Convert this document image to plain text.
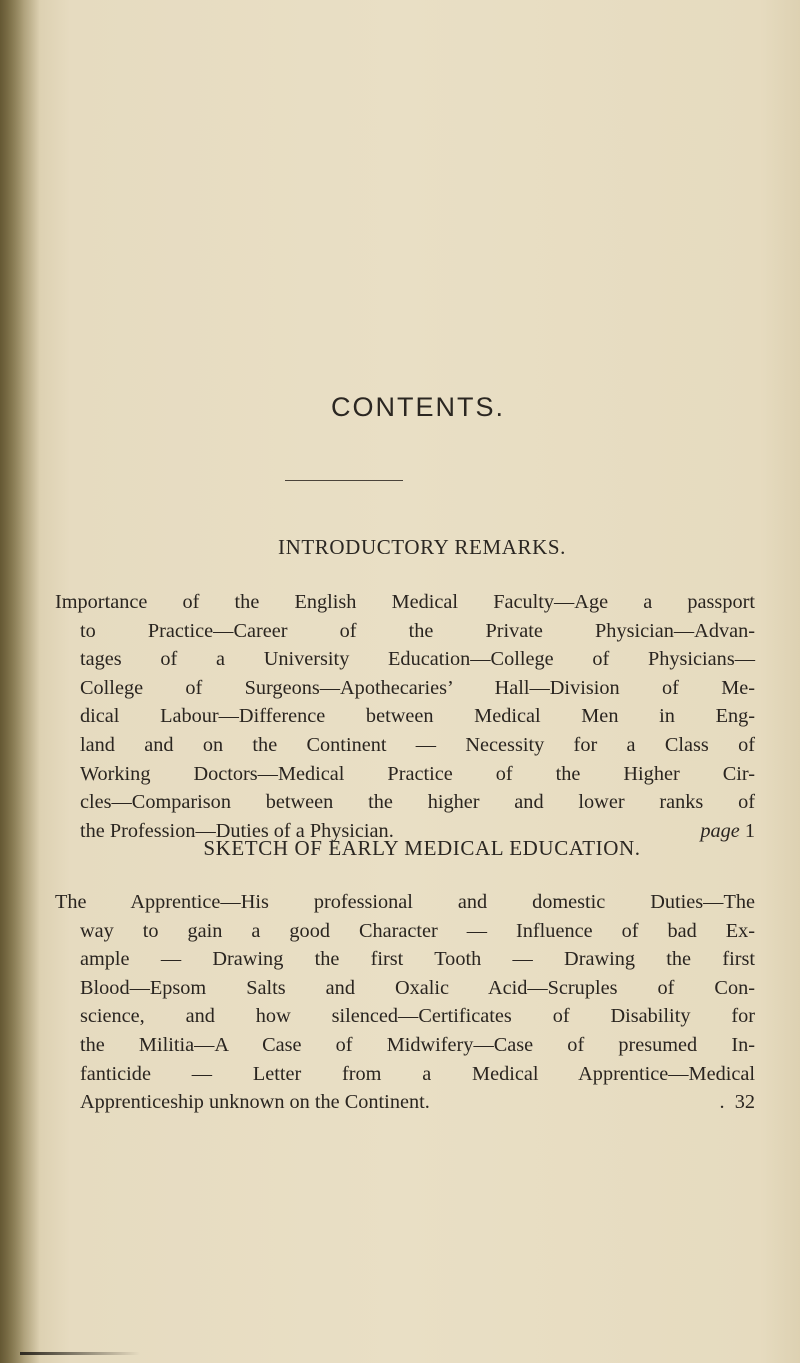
CONTENTS.
INTRODUCTORY REMARKS.
Importance of the English Medical Faculty—Age a passport
to Practice—Career of the Private Physician—Advan-
tages of a University Education—College of Physicians—
College of Surgeons—Apothecaries’ Hall—Division of Me-
dical Labour—Difference between Medical Men in Eng-
land and on the Continent — Necessity for a Class of
Working Doctors—Medical Practice of the Higher Cir-
cles—Comparison between the higher and lower ranks of
the Profession—Duties of a Physician.	page 1
SKETCH OF EARLY MEDICAL EDUCATION.
The Apprentice—His professional and domestic Duties—The
way to gain a good Character — Influence of bad Ex-
ample — Drawing the first Tooth — Drawing the first
Blood—Epsom Salts and Oxalic Acid—Scruples of Con-
science, and how silenced—Certificates of Disability for
the Militia—A Case of Midwifery—Case of presumed In-
fanticide — Letter from a Medical Apprentice—Medical
Apprenticeship unknown on the Continent.	.  32
